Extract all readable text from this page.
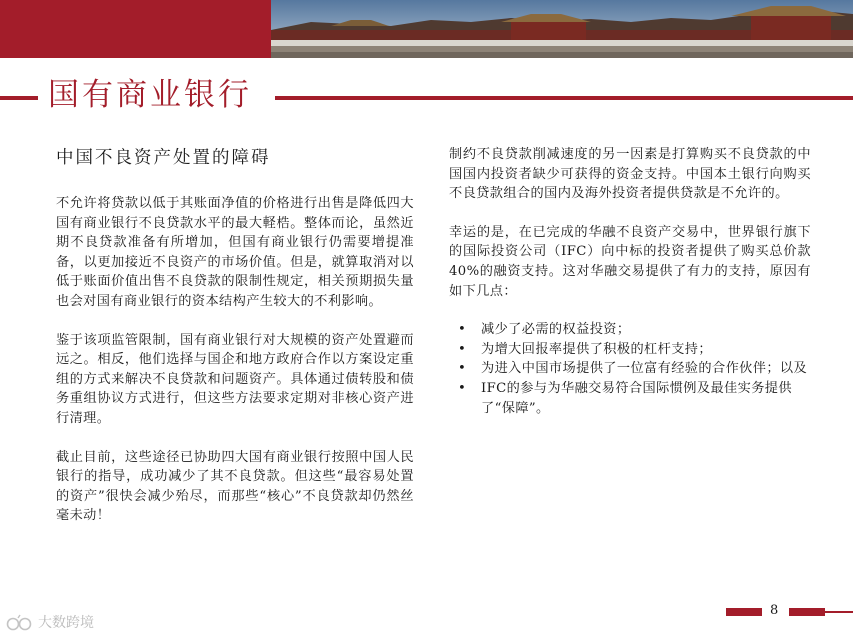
国有商业银行
中国不良资产处置的障碍

不允许将贷款以低于其账面净值的价格进行出售是降低四大国有商业银行不良贷款水平的最大軽梏。整体而论，虽然近期不良贷款准备有所增加，但国有商业银行仍需要增提准备，以更加接近不良资产的市场价值。但是，就算取消对以低于账面价值出售不良贷款的限制性规定，相关预期损失量也会对国有商业银行的资本结构产生较大的不利影响。

鉴于该项监管限制，国有商业银行对大规模的资产处置避而远之。相反，他们选择与国企和地方政府合作以方案设定重组的方式来解决不良贷款和问题资产。具体通过债转股和债务重组协议方式进行，但这些方法要求定期对非核心资产进行清理。

截止目前，这些途径已协助四大国有商业银行按照中国人民银行的指导，成功减少了其不良贷款。但这些“最容易处置的资产”很快会减少殆尽，而那些“核心”不良贷款却仍然丝毫未动！

制约不良贷款削减速度的另一因素是打算购买不良贷款的中国国内投资者缺少可获得的资金支持。中国本土银行向购买不良贷款组合的国内及海外投资者提供贷款是不允许的。

幸运的是，在已完成的华融不良资产交易中，世界银行旗下的国际投资公司（IFC）向中标的投资者提供了购买总价款40%的融资支持。这对华融交易提供了有力的支持，原因有如下几点：

• 减少了必需的权益投资；
• 为增大回报率提供了积极的杠杆支持；
• 为进入中国市场提供了一位富有经验的合作伙伴；以及
• IFC的参与为华融交易符合国际惯例及最佳实务提供了“保障”。
8
大数跨境
